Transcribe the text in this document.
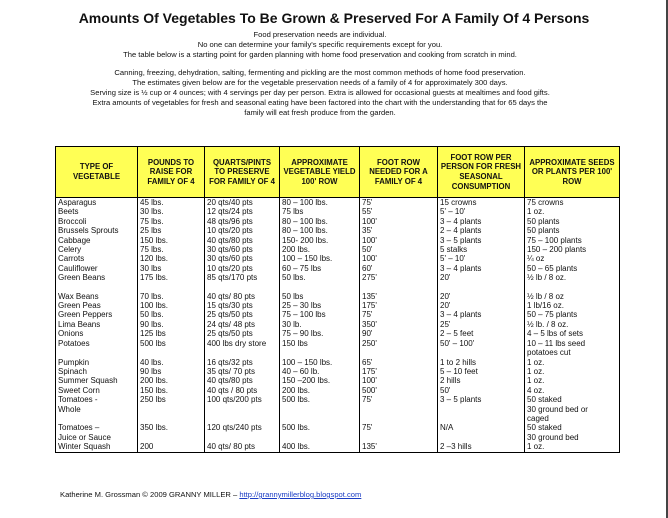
Amounts Of Vegetables To Be Grown & Preserved For A Family Of 4 Persons
Food preservation needs are individual.
No one can determine your family's specific requirements except for you.
The table below is a starting point for garden planning with home food preservation and cooking from scratch in mind.
Canning, freezing, dehydration, salting, fermenting and pickling are the most common methods of home food preservation.
The estimates given below are for the vegetable preservation needs of a family of 4 for approximately 300 days.
Serving size is ½ cup or 4 ounces; with 4 servings per day per person. Extra is allowed for occasional guests at mealtimes and food gifts.
Extra amounts of vegetables for fresh and seasonal eating have been factored into the chart with the understanding that for 65 days the
family will eat fresh produce from the garden.
TYPE OF VEGETABLE	POUNDS TO RAISE FOR FAMILY OF 4	QUARTS/PINTS TO PRESERVE FOR FAMILY OF 4	APPROXIMATE VEGETABLE YIELD 100' ROW	FOOT ROW NEEDED FOR A FAMILY OF 4	FOOT ROW PER PERSON FOR FRESH SEASONAL CONSUMPTION	APPROXIMATE SEEDS OR PLANTS PER 100' ROW
Asparagus	45 lbs.	20 qts/40 pts	80 – 100 lbs.	75'	15 crowns	75 crowns
Beets	30 lbs.	12 qts/24 pts	75 lbs	55'	5' – 10'	1 oz.
Broccoli	75 lbs.	48 qts/96 pts	80 – 100 lbs.	100'	3 – 4 plants	50 plants
Brussels Sprouts	25 lbs	10 qts/20 pts	80 – 100 lbs.	35'	2 – 4 plants	50 plants
Cabbage	150 lbs.	40 qts/80 pts	150- 200 lbs.	100'	3 – 5 plants	75 – 100 plants
Celery	75 lbs.	30 qts/60 pts	200 lbs.	50'	5 stalks	150 – 200 plants
Carrots	120 lbs.	30 qts/60 pts	100 – 150 lbs.	100'	5' – 10'	¼ oz
Cauliflower	30 lbs	10 qts/20 pts	60 – 75 lbs	60'	3 – 4 plants	50 – 65 plants
Green Beans	175 lbs.	85 qts/170 pts	50 lbs.	275'	20'	½ lb / 8 oz.

Wax Beans	70 lbs.	40 qts/ 80 pts	50 lbs	135'	20'	½ lb / 8 oz
Green Peas	100 lbs.	15 qts/30 pts	25 – 30 lbs	175'	20'	1 lb/16 oz.
Green Peppers	50 lbs.	25 qts/50 pts	75 – 100 lbs	75'	3 – 4 plants	50 – 75 plants
Lima Beans	90 lbs.	24 qts/ 48 pts	30 lb.	350'	25'	½ lb. / 8 oz.
Onions	125 lbs	25 qts/50 pts	75 – 90 lbs.	90'	2 – 5 feet	4 – 5 lbs of sets
Potatoes	500 lbs	400 lbs dry store	150 lbs	250'	50' – 100'	10 – 11 lbs seed
						potatoes cut
Pumpkin	40 lbs.	16 qts/32 pts	100 – 150 lbs.	65'	1 to 2 hills	1 oz.
Spinach	90 lbs	35 qts/ 70 pts	40 – 60 lb.	175'	5 – 10 feet	1 oz.
Summer Squash	200 lbs.	40 qts/80 pts	150 –200 lbs.	100'	2 hills	1 oz.
Sweet Corn	150 lbs.	40 qts / 80 pts	200 lbs.	500'	50'	4 oz.
Tomatoes -	250 lbs	100 qts/200 pts	500 lbs.	75'	3 – 5 plants	50 staked
Whole						30 ground bed or
						caged
Tomatoes –	350 lbs.	120 qts/240 pts	500 lbs.	75'	N/A	50 staked
Juice or Sauce						30 ground bed
Winter Squash	200	40 qts/ 80 pts	400 lbs.	135'	2 –3 hills	1 oz.
Katherine M. Grossman © 2009 GRANNY MILLER – http://grannymillerblog.blogspot.com
